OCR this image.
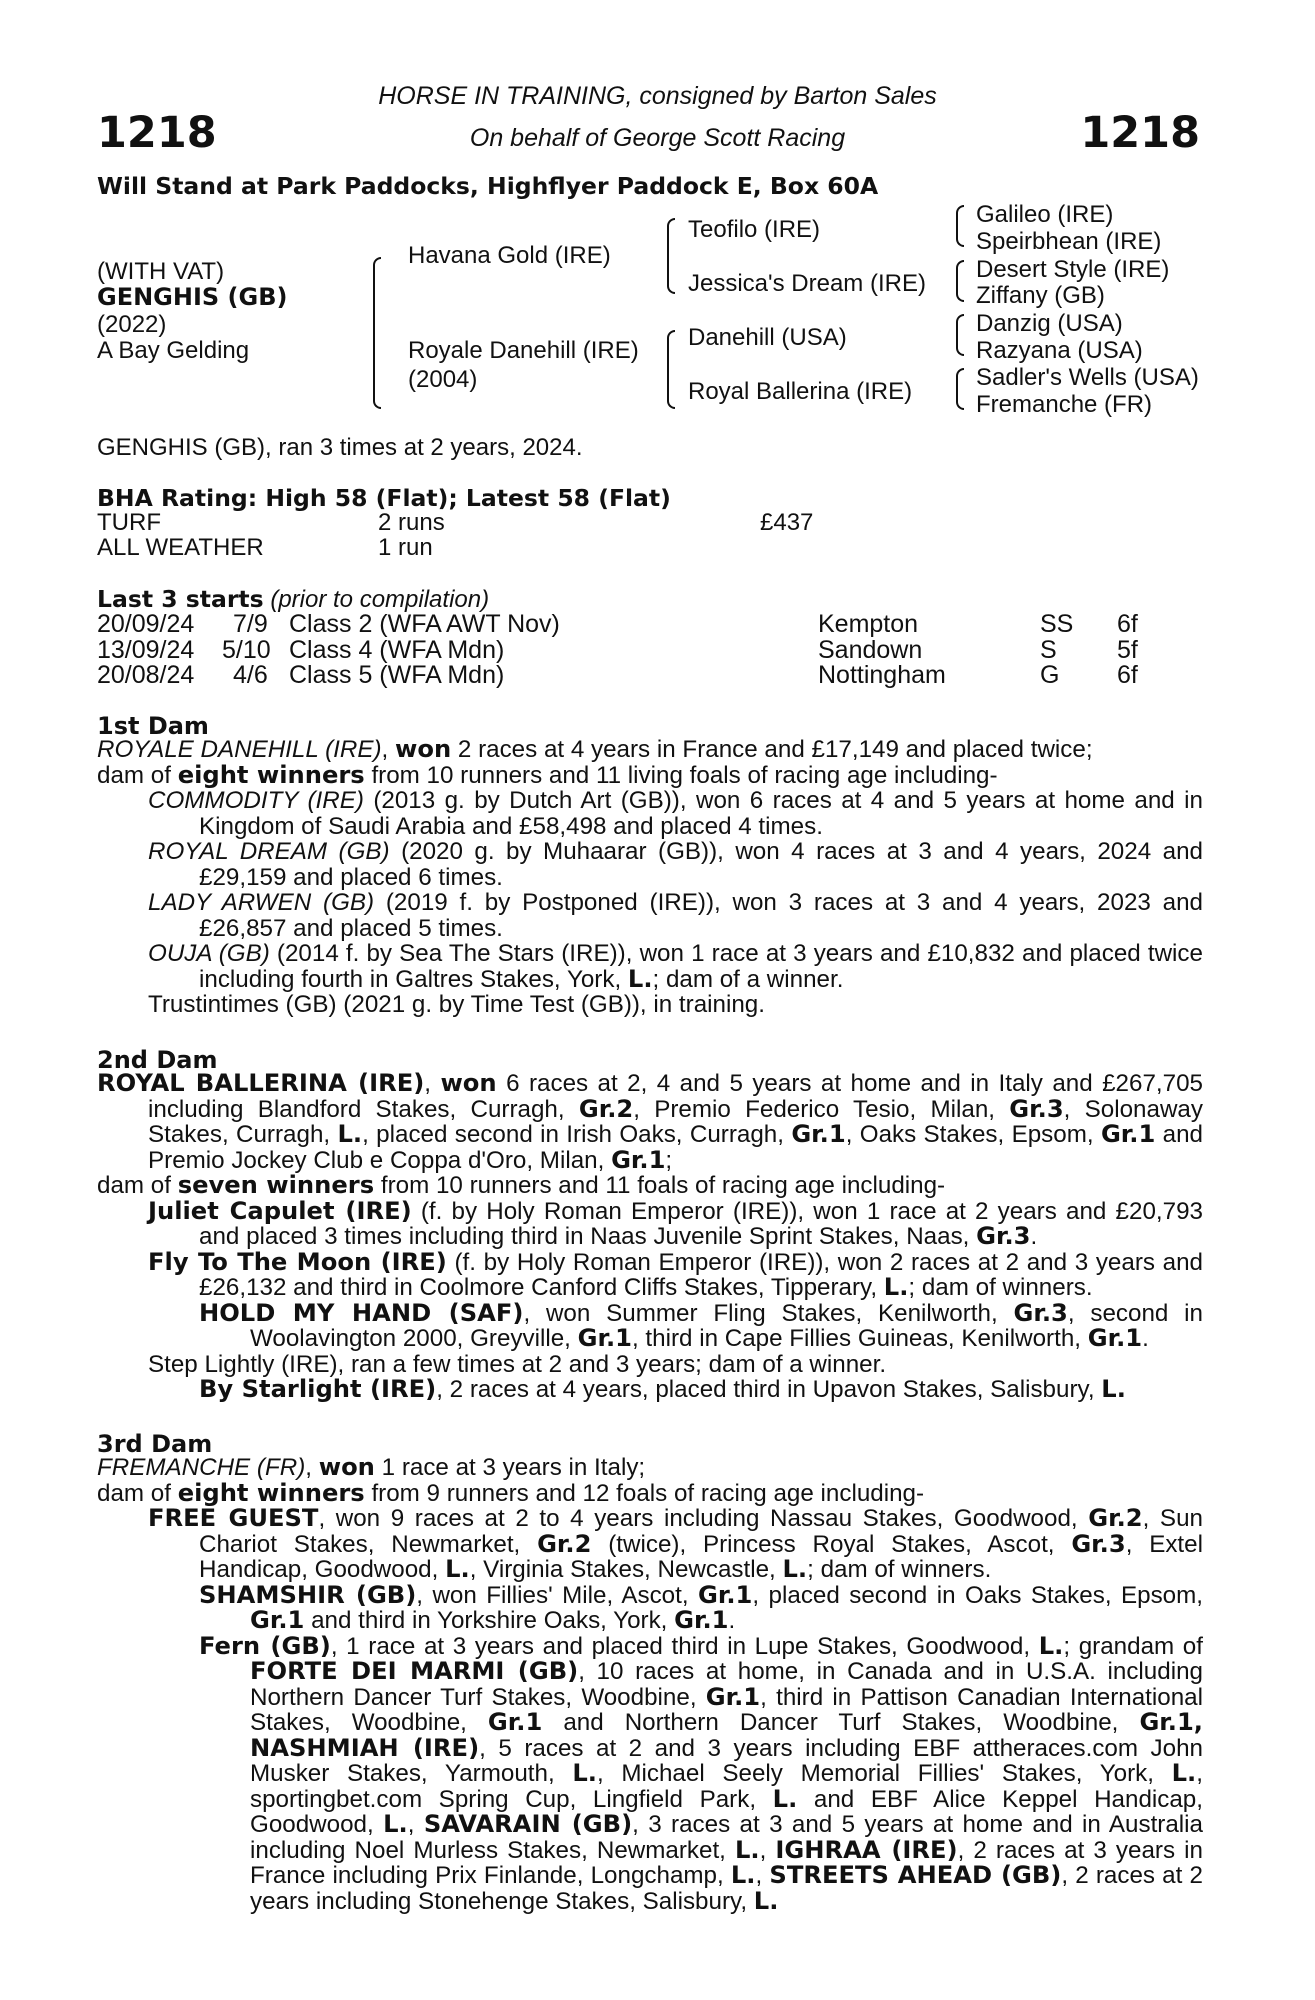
1218	1218
HORSE IN TRAINING, consigned by Barton Sales
On behalf of George Scott Racing
Will Stand at Park Paddocks, Highflyer Paddock E, Box 60A
(WITH VAT)
GENGHIS (GB)
(2022)
A Bay Gelding
Havana Gold (IRE)
Royale Danehill (IRE)
(2004)
Teofilo (IRE)
Jessica's Dream (IRE)
Danehill (USA)
Royal Ballerina (IRE)
Galileo (IRE)
Speirbhean (IRE)
Desert Style (IRE)
Ziffany (GB)
Danzig (USA)
Razyana (USA)
Sadler's Wells (USA)
Fremanche (FR)
GENGHIS (GB), ran 3 times at 2 years, 2024.
BHA Rating: High 58 (Flat); Latest 58 (Flat)
TURF	2 runs	£437
ALL WEATHER	1 run
Last 3 starts (prior to compilation)
20/09/24 7/9 Class 2 (WFA AWT Nov)	Kempton	SS 6f
13/09/24 5/10 Class 4 (WFA Mdn)	Sandown	S 5f
20/08/24 4/6 Class 5 (WFA Mdn)	Nottingham	G 6f
1st Dam

ROYALE DANEHILL (IRE), won 2 races at 4 years in France and £17,149 and placed twice;

dam of eight winners from 10 runners and 11 living foals of racing age including-

COMMODITY (IRE) (2013 g. by Dutch Art (GB)), won 6 races at 4 and 5 years at home and in Kingdom of Saudi Arabia and £58,498 and placed 4 times.

ROYAL DREAM (GB) (2020 g. by Muhaarar (GB)), won 4 races at 3 and 4 years, 2024 and £29,159 and placed 6 times.

LADY ARWEN (GB) (2019 f. by Postponed (IRE)), won 3 races at 3 and 4 years, 2023 and £26,857 and placed 5 times.

OUJA (GB) (2014 f. by Sea The Stars (IRE)), won 1 race at 3 years and £10,832 and placed twice including fourth in Galtres Stakes, York, L.; dam of a winner.

Trustintimes (GB) (2021 g. by Time Test (GB)), in training.

2nd Dam

ROYAL BALLERINA (IRE), won 6 races at 2, 4 and 5 years at home and in Italy and £267,705 including Blandford Stakes, Curragh, Gr.2, Premio Federico Tesio, Milan, Gr.3, Solonaway Stakes, Curragh, L., placed second in Irish Oaks, Curragh, Gr.1, Oaks Stakes, Epsom, Gr.1 and Premio Jockey Club e Coppa d'Oro, Milan, Gr.1;

dam of seven winners from 10 runners and 11 foals of racing age including-

Juliet Capulet (IRE) (f. by Holy Roman Emperor (IRE)), won 1 race at 2 years and £20,793 and placed 3 times including third in Naas Juvenile Sprint Stakes, Naas, Gr.3.

Fly To The Moon (IRE) (f. by Holy Roman Emperor (IRE)), won 2 races at 2 and 3 years and £26,132 and third in Coolmore Canford Cliffs Stakes, Tipperary, L.; dam of winners.

HOLD MY HAND (SAF), won Summer Fling Stakes, Kenilworth, Gr.3, second in Woolavington 2000, Greyville, Gr.1, third in Cape Fillies Guineas, Kenilworth, Gr.1.

Step Lightly (IRE), ran a few times at 2 and 3 years; dam of a winner.

By Starlight (IRE), 2 races at 4 years, placed third in Upavon Stakes, Salisbury, L.

3rd Dam

FREMANCHE (FR), won 1 race at 3 years in Italy;

dam of eight winners from 9 runners and 12 foals of racing age including-

FREE GUEST, won 9 races at 2 to 4 years including Nassau Stakes, Goodwood, Gr.2, Sun Chariot Stakes, Newmarket, Gr.2 (twice), Princess Royal Stakes, Ascot, Gr.3, Extel Handicap, Goodwood, L., Virginia Stakes, Newcastle, L.; dam of winners.

SHAMSHIR (GB), won Fillies' Mile, Ascot, Gr.1, placed second in Oaks Stakes, Epsom, Gr.1 and third in Yorkshire Oaks, York, Gr.1.

Fern (GB), 1 race at 3 years and placed third in Lupe Stakes, Goodwood, L.; grandam of FORTE DEI MARMI (GB), 10 races at home, in Canada and in U.S.A. including Northern Dancer Turf Stakes, Woodbine, Gr.1, third in Pattison Canadian International Stakes, Woodbine, Gr.1 and Northern Dancer Turf Stakes, Woodbine, Gr.1, NASHMIAH (IRE), 5 races at 2 and 3 years including EBF attheraces.com John Musker Stakes, Yarmouth, L., Michael Seely Memorial Fillies' Stakes, York, L., sportingbet.com Spring Cup, Lingfield Park, L. and EBF Alice Keppel Handicap, Goodwood, L., SAVARAIN (GB), 3 races at 3 and 5 years at home and in Australia including Noel Murless Stakes, Newmarket, L., IGHRAA (IRE), 2 races at 3 years in France including Prix Finlande, Longchamp, L., STREETS AHEAD (GB), 2 races at 2 years including Stonehenge Stakes, Salisbury, L.
